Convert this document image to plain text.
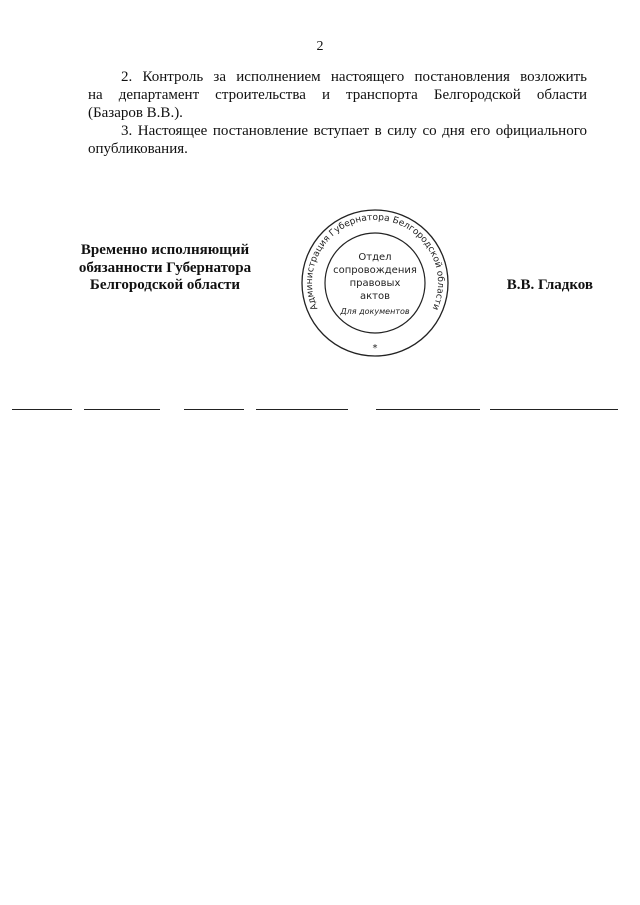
2
2. Контроль за исполнением настоящего постановления возложить
на департамент строительства и транспорта Белгородской области
(Базаров В.В.).
3. Настоящее постановление вступает в силу со дня его официального
опубликования.
Временно исполняющий
обязанности Губернатора
Белгородской области	В.В. Гладков
Администрация Губернатора Белгородской области
Отдел
сопровождения
правовых
актов
Для документов
*
